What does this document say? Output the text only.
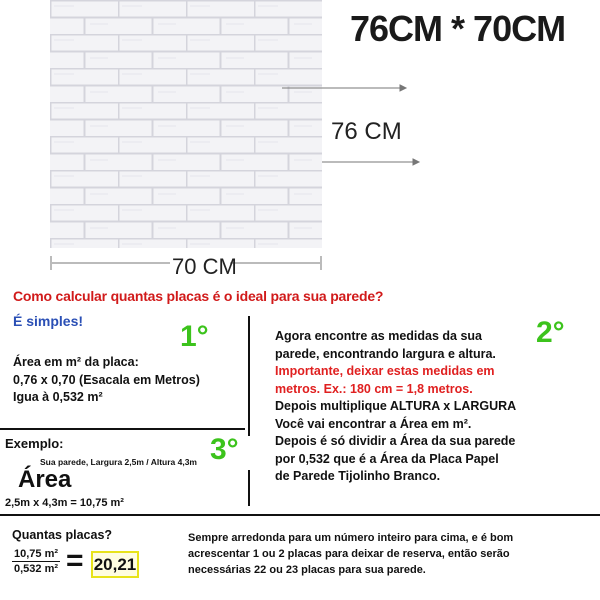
76CM * 70CM
76 CM
70 CM
Como calcular quantas placas é o ideal para sua parede?
É simples!	1°	2°
3°
Área em m² da placa:
0,76 x 0,70 (Esacala em Metros)
Igua à 0,532 m²
Agora encontre as medidas da sua
parede, encontrando largura e altura.
Importante, deixar estas medidas em
metros. Ex.: 180 cm = 1,8 metros.
Depois multiplique ALTURA x LARGURA
Você vai encontrar a Área em m².
Depois é só dividir a Área da sua parede
por 0,532 que é a Área da Placa Papel
de Parede Tijolinho Branco.
Exemplo:
Sua parede, Largura 2,5m / Altura 4,3m
Área
2,5m x 4,3m = 10,75 m²
Quantas placas?
10,75 m²
0,532 m² = 20,21
Sempre arredonda para um número inteiro para cima, e é bom
acrescentar 1 ou 2 placas para deixar de reserva, então serão
necessárias 22 ou 23 placas para sua parede.
